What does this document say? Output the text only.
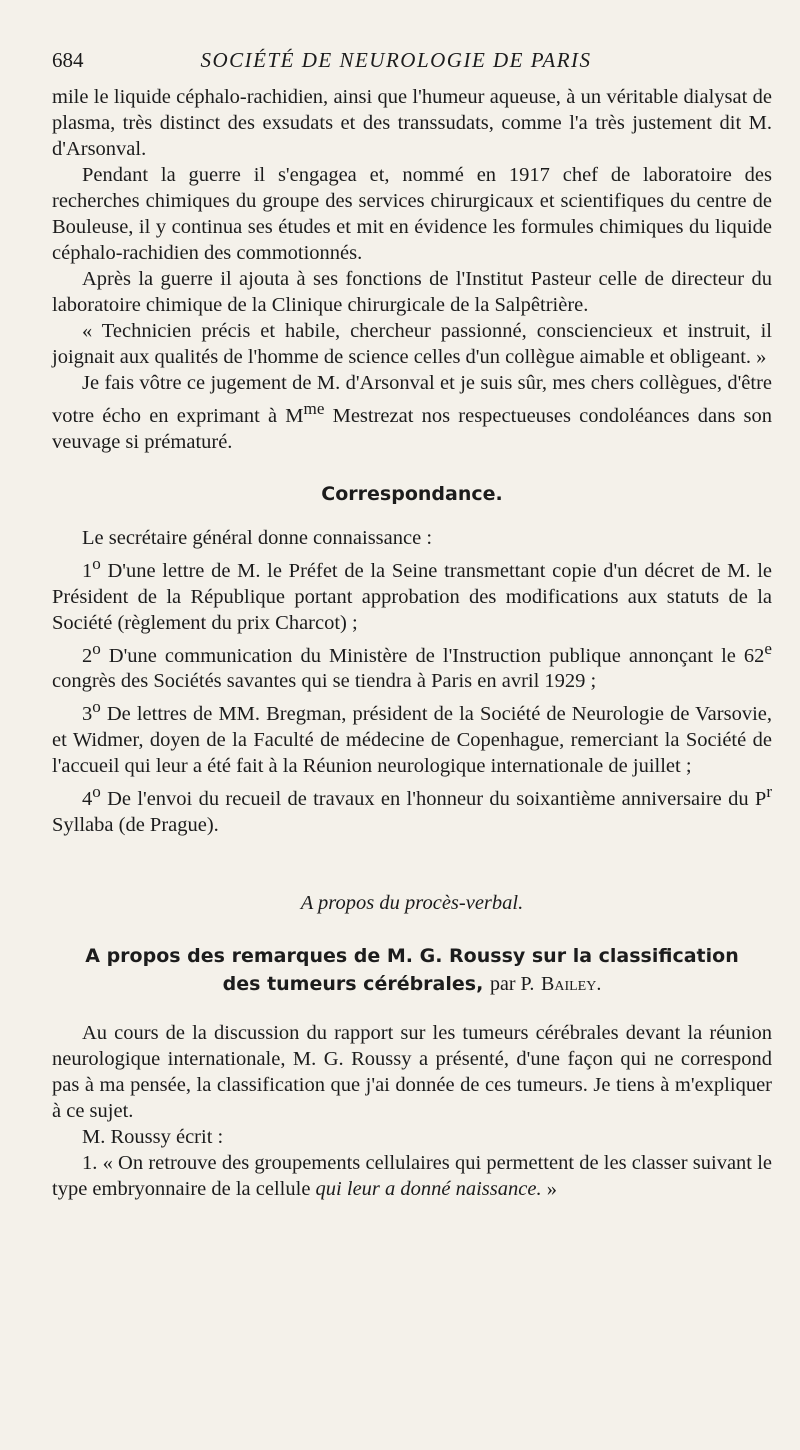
684	SOCIÉTÉ DE NEUROLOGIE DE PARIS

mile le liquide céphalo-rachidien, ainsi que l'humeur aqueuse, à un véritable dialysat de plasma, très distinct des exsudats et des transsudats, comme l'a très justement dit M. d'Arsonval.

Pendant la guerre il s'engagea et, nommé en 1917 chef de laboratoire des recherches chimiques du groupe des services chirurgicaux et scientifiques du centre de Bouleuse, il y continua ses études et mit en évidence les formules chimiques du liquide céphalo-rachidien des commotionnés.

Après la guerre il ajouta à ses fonctions de l'Institut Pasteur celle de directeur du laboratoire chimique de la Clinique chirurgicale de la Salpêtrière.

« Technicien précis et habile, chercheur passionné, consciencieux et instruit, il joignait aux qualités de l'homme de science celles d'un collègue aimable et obligeant. »

Je fais vôtre ce jugement de M. d'Arsonval et je suis sûr, mes chers collègues, d'être votre écho en exprimant à $M^{me}$ Mestrezat nos respectueuses condoléances dans son veuvage si prématuré.

Correspondance.

Le secrétaire général donne connaissance :

1$^o$ D'une lettre de M. le Préfet de la Seine transmettant copie d'un décret de M. le Président de la République portant approbation des modifications aux statuts de la Société (règlement du prix Charcot) ;

2$^o$ D'une communication du Ministère de l'Instruction publique annonçant le 62e congrès des Sociétés savantes qui se tiendra à Paris en avril 1929 ;

3$^o$ De lettres de MM. Bregman, président de la Société de Neurologie de Varsovie, et Widmer, doyen de la Faculté de médecine de Copenhague, remerciant la Société de l'accueil qui leur a été fait à la Réunion neurologique internationale de juillet ;

4$^o$ De l'envoi du recueil de travaux en l'honneur du soixantième anniversaire du $P^r$ Syllaba (de Prague).

A propos du procès-verbal.
A propos des remarques de M. G. Roussy sur la classification
des tumeurs cérébrales, par P. Bailey.

Au cours de la discussion du rapport sur les tumeurs cérébrales devant la réunion neurologique internationale, M. G. Roussy a présenté, d'une façon qui ne correspond pas à ma pensée, la classification que j'ai donnée de ces tumeurs. Je tiens à m'expliquer à ce sujet.

M. Roussy écrit :

1. « On retrouve des groupements cellulaires qui permettent de les classer suivant le type embryonnaire de la cellule qui leur a donné naissance. »
